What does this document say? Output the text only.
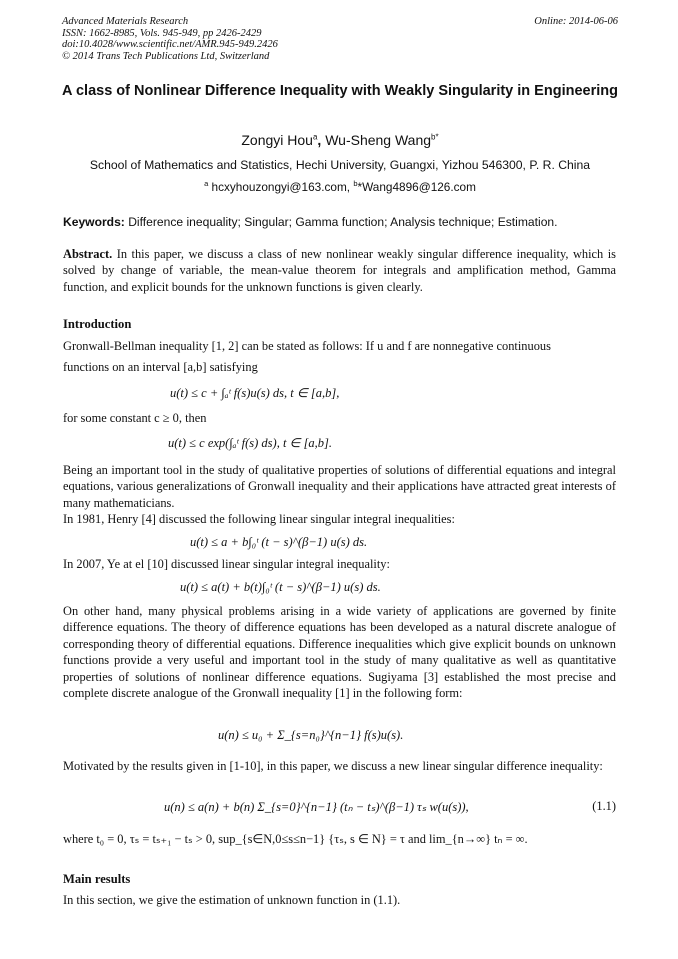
Advanced Materials Research
ISSN: 1662-8985, Vols. 945-949, pp 2426-2429
doi:10.4028/www.scientific.net/AMR.945-949.2426
© 2014 Trans Tech Publications Ltd, Switzerland
Online: 2014-06-06
A class of Nonlinear Difference Inequality with Weakly Singularity in Engineering
Zongyi Hou$^a$, Wu-Sheng Wang$^{b*}$
School of Mathematics and Statistics, Hechi University, Guangxi, Yizhou 546300, P. R. China
$^a$ hcxyhouzongyi@163.com, $^b$*Wang4896@126.com
Keywords: Difference inequality; Singular; Gamma function; Analysis technique; Estimation.
Abstract. In this paper, we discuss a class of new nonlinear weakly singular difference inequality, which is solved by change of variable, the mean-value theorem for integrals and amplification method, Gamma function, and explicit bounds for the unknown functions is given clearly.
Introduction
Gronwall-Bellman inequality [1, 2] can be stated as follows: If u and f are nonnegative continuous
functions on an interval [a,b] satisfying
u(t) ≤ c + ∫ₐᵗ f(s)u(s) ds, t ∈ [a,b],
for some constant c ≥ 0, then
u(t) ≤ c exp(∫ₐᵗ f(s) ds), t ∈ [a,b].
Being an important tool in the study of qualitative properties of solutions of differential equations and integral equations, various generalizations of Gronwall inequality and their applications have attracted great interests of many mathematicians.
In 1981, Henry [4] discussed the following linear singular integral inequalities:
u(t) ≤ a + b∫₀ᵗ (t − s)^(β−1) u(s) ds.
In 2007, Ye at el [10] discussed linear singular integral inequality:
u(t) ≤ a(t) + b(t)∫₀ᵗ (t − s)^(β−1) u(s) ds.
On other hand, many physical problems arising in a wide variety of applications are governed by finite difference equations. The theory of difference equations has been developed as a natural discrete analogue of corresponding theory of differential equations. Difference inequalities which give explicit bounds on unknown functions provide a very useful and important tool in the study of many qualitative as well as quantitative properties of solutions of nonlinear difference equations. Sugiyama [3] established the most precise and complete discrete analogue of the Gronwall inequality [1] in the following form:
u(n) ≤ u₀ + Σ_{s=n₀}^{n−1} f(s)u(s).
Motivated by the results given in [1-10], in this paper, we discuss a new linear singular difference inequality:
u(n) ≤ a(n) + b(n) Σ_{s=0}^{n−1} (tₙ − tₛ)^(β−1) τₛ w(u(s)),	(1.1)
where t₀ = 0, τₛ = tₛ₊₁ − tₛ > 0, sup_{s∈N,0≤s≤n−1} {τₛ, s ∈ N} = τ and lim_{n→∞} tₙ = ∞.
Main results
In this section, we give the estimation of unknown function in (1.1).
